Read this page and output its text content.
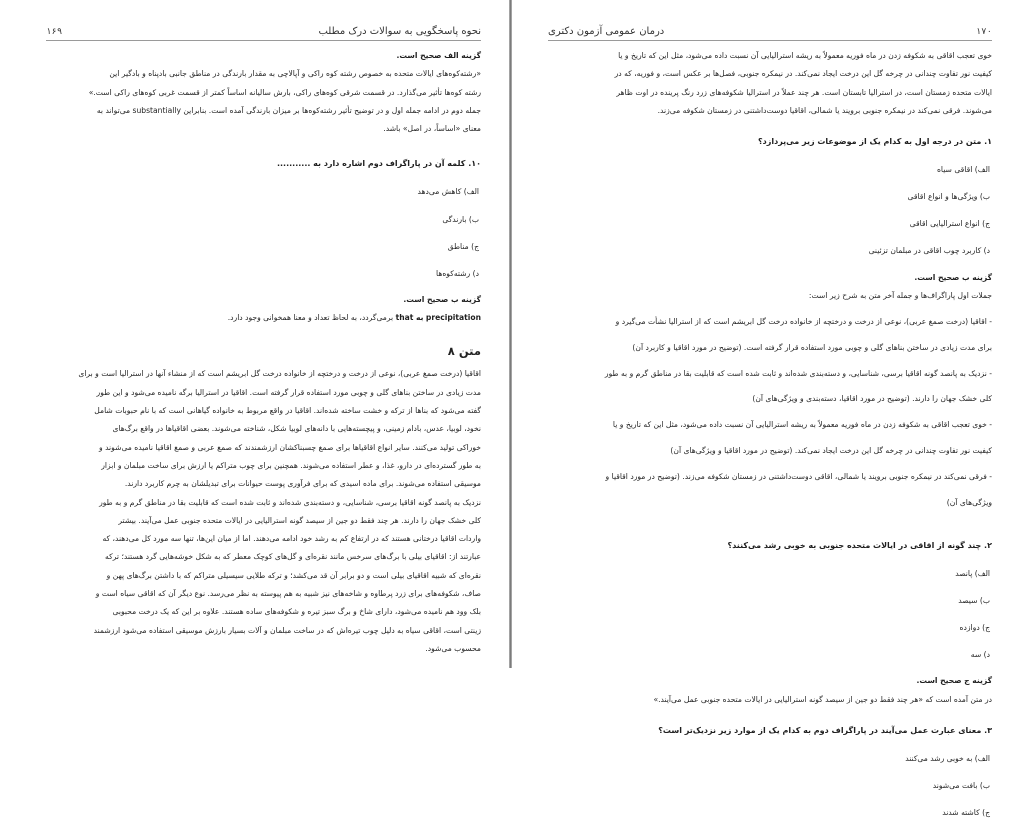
نحوه پاسخگویی به سوالات درک مطلب
۱۶۹

گزینه الف صحیح است.

«رشته‌کوه‌های ایالات متحده به خصوص رشته کوه راکی و آپالاچی به مقدار بارندگی در مناطق جانبی بادپناه و بادگیر این

رشته کوه‌ها تأثیر می‌گذارد. در قسمت شرقی کوه‌های راکی، بارش سالیانه اساساً کمتر از قسمت غربی کوه‌های راکی است.»

جمله دوم در ادامه جمله اول و در توضیح تأثیر رشته‌کوه‌ها بر میزان بارندگی آمده است. بنابراین substantially می‌تواند به

معنای «اساساً، در اصل» باشد.

۱۰. کلمه آن در پاراگراف دوم اشاره دارد به ...........

الف) کاهش می‌دهد

ب) بارندگی

ج) مناطق

د) رشته‌کوه‌ها

گزینه ب صحیح است.

that به precipitation برمی‌گردد، به لحاظ تعداد و معنا همخوانی وجود دارد.

متن ۸

اقاقیا (درخت صمغ عربی)، نوعی از درخت و درختچه از خانواده درخت گل ابریشم است که از منشاء آنها در استرالیا است و برای

مدت زیادی در ساختن بناهای گلی و چوبی مورد استفاده قرار گرفته است. اقاقیا در استرالیا برگه نامیده می‌شود و این طور

گفته می‌شود که بناها از ترکه و خشت ساخته شده‌اند. اقاقیا در واقع مربوط به خانواده گیاهانی است که با نام حبوبات شامل

نخود، لوبیا، عدس، بادام زمینی، و پیچسته‌هایی با دانه‌های لوبیا شکل، شناخته می‌شوند. بعضی اقاقیاها در واقع برگ‌های

خوراکی تولید می‌کنند. سایر انواع اقاقیاها برای صمغ چسبناکشان ارزشمندند که صمغ عربی و صمغ اقاقیا نامیده می‌شوند و

به طور گسترده‌ای در دارو، غذا، و عطر استفاده می‌شوند. همچنین برای چوب متراکم یا ارزش برای ساخت مبلمان و ابزار

موسیقی استفاده می‌شوند. برای ماده اسیدی که برای فرآوری پوست حیوانات برای تبدیلشان به چرم کاربرد دارند.

نزدیک به پانصد گونه اقاقیا برسی، شناسایی، و دسته‌بندی شده‌اند و ثابت شده است که قابلیت بقا در مناطق گرم و به طور

کلی خشک جهان را دارند. هر چند فقط دو جین از سیصد گونه استرالیایی در ایالات متحده جنوبی عمل می‌آیند. بیشتر

واردات اقاقیا درختانی هستند که در ارتفاع کم به رشد خود ادامه می‌دهند. اما از میان این‌ها، تنها سه مورد کل می‌دهند، که

عبارتند از: اقاقیای بیلی با برگ‌های سرخس مانند نقره‌ای و گل‌های کوچک معطر که به شکل خوشه‌هایی گرد هستند؛ ترکه

نقره‌ای که شبیه اقاقیای بیلی است و دو برابر آن قد می‌کشد؛ و ترکه طلایی سیسیلی متراکم که با داشتن برگ‌های پهن و

صاف، شکوفه‌های برای زرد پرطاوه و شاخه‌های نیز شبیه به هم پیوسته به نظر می‌رسد. نوع دیگر آن که اقاقی سیاه است و

بلک وود هم نامیده می‌شود، دارای شاخ و برگ سبز تیره و شکوفه‌های ساده هستند. علاوه بر این که یک درخت محبوبی

زینتی است، اقاقی سیاه به دلیل چوب تیره‌اش که در ساخت مبلمان و آلات بسیار بارزش موسیقی استفاده می‌شود ارزشمند

محسوب می‌شود.

۱۷۰
درمان عمومی آزمون دکتری

خوی تعجب اقاقی به شکوفه زدن در ماه فوریه معمولاً به ریشه استرالیایی آن نسبت داده می‌شود، مثل این که تاریخ و یا

کیفیت نور تفاوت چندانی در چرخه گل این درخت ایجاد نمی‌کند. در نیمکره جنوبی، فصل‌ها بر عکس است، و فوریه، که در

ایالات متحده زمستان است، در استرالیا تابستان است. هر چند عملاً در استرالیا شکوفه‌های زرد رنگ پرینده در اوت ظاهر

می‌شوند. فرقی نمی‌کند در نیمکره جنوبی برویند یا شمالی، اقاقیا دوست‌داشتنی در زمستان شکوفه می‌زند.

۱. متن در درجه اول به کدام یک از موضوعات زیر می‌پردازد؟

الف) اقاقی سیاه

ب) ویژگی‌ها و انواع اقاقی

ج) انواع استرالیایی اقاقی

د) کاربرد چوب اقاقی در مبلمان تزئینی

گزینه ب صحیح است.

جملات اول پاراگراف‌ها و جمله آخر متن به شرح زیر است:

- اقاقیا (درخت صمغ عربی)، نوعی از درخت و درختچه از خانواده درخت گل ابریشم است که از استرالیا نشأت می‌گیرد و

برای مدت زیادی در ساختن بناهای گلی و چوبی مورد استفاده قرار گرفته است. (توضیح در مورد اقاقیا و کاربرد آن)

- نزدیک به پانصد گونه اقاقیا برسی، شناسایی، و دسته‌بندی شده‌اند و ثابت شده است که قابلیت بقا در مناطق گرم و به طور

کلی خشک جهان را دارند. (توضیح در مورد اقاقیا، دسته‌بندی و ویژگی‌های آن)

- خوی تعجب اقاقی به شکوفه زدن در ماه فوریه معمولاً به ریشه استرالیایی آن نسبت داده می‌شود، مثل این که تاریخ و یا

کیفیت نور تفاوت چندانی در چرخه گل این درخت ایجاد نمی‌کند. (توضیح در مورد اقاقیا و ویژگی‌های آن)

- فرقی نمی‌کند در نیمکره جنوبی برویند یا شمالی، اقاقی دوست‌داشتنی در زمستان شکوفه می‌زند. (توضیح در مورد اقاقیا و

ویژگی‌های آن)

۲. چند گونه از اقاقی در ایالات متحده جنوبی به خوبی رشد می‌کنند؟

الف) پانصد

ب) سیصد

ج) دوازده

د) سه

گزینه ج صحیح است.

در متن آمده است که «هر چند فقط دو جین از سیصد گونه استرالیایی در ایالات متحده جنوبی عمل می‌آیند.»

۳. معنای عبارت عمل می‌آیند در پاراگراف دوم به کدام یک از موارد زیر نزدیک‌تر است؟

الف) به خوبی رشد می‌کنند

ب) بافت می‌شوند

ج) کاشته شدند
